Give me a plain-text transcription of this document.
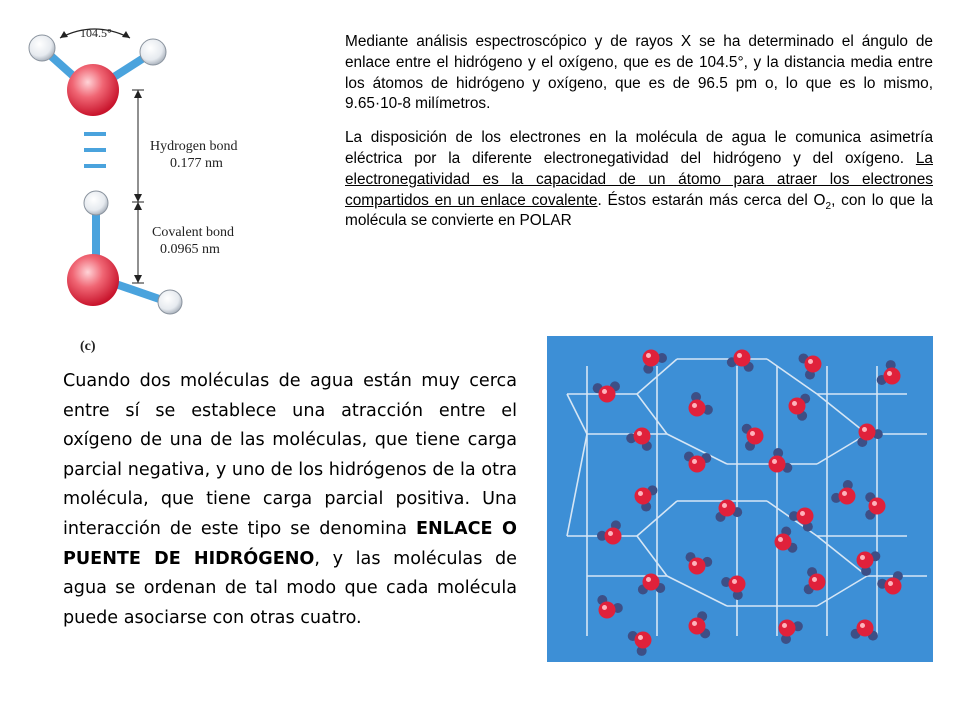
104.5°
Hydrogen bond
0.177 nm
Covalent bond
0.0965 nm
(c)

Mediante análisis espectroscópico y de rayos X se ha determinado el ángulo de enlace entre el hidrógeno y el oxígeno, que es de 104.5°, y la distancia media entre los átomos de hidrógeno y oxígeno, que es de 96.5 pm o, lo que es lo mismo, 9.65·10-8 milímetros.

La disposición de los electrones en la molécula de agua le comunica asimetría eléctrica por la diferente electronegatividad del hidrógeno y del oxígeno. La electronegatividad es la capacidad de un átomo para atraer los electrones compartidos en un enlace covalente. Éstos estarán más cerca del $O_2$, con lo que la molécula se convierte en POLAR

Cuando dos moléculas de agua están muy cerca entre sí se establece una atracción entre el oxígeno de una de las moléculas, que tiene carga parcial negativa, y uno de los hidrógenos de la otra molécula, que tiene carga parcial positiva. Una interacción de este tipo se denomina ENLACE O PUENTE DE HIDRÓGENO, y las moléculas de agua se ordenan de tal modo que cada molécula puede asociarse con otras cuatro.
